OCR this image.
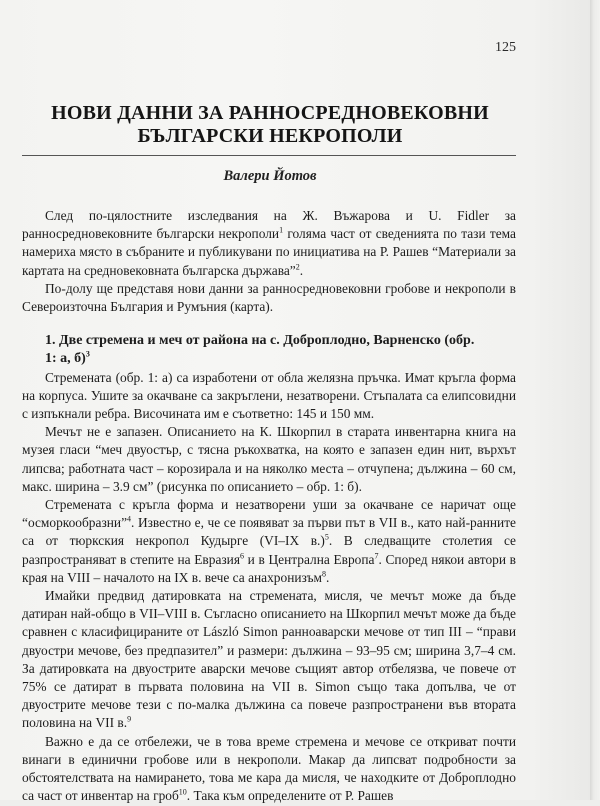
125
НОВИ ДАННИ ЗА РАННОСРЕДНОВЕКОВНИ
БЪЛГАРСКИ НЕКРОПОЛИ
Валери Йотов

След по-цялостните изследвания на Ж. Въжарова и U. Fidler за ранносредновековните български некрополи$^1$ голяма част от сведенията по тази тема намериха място в събраните и публикувани по инициатива на Р. Рашев “Материали за картата на средновековната българска държава”$^2$.

По-долу ще представя нови данни за ранносредновековни гробове и некрополи в Североизточна България и Румъния (карта).

1. Две стремена и меч от района на с. Доброплодно, Варненско (обр. 1: а, б)$^3$

Стремената (обр. 1: а) са изработени от обла желязна пръчка. Имат кръгла форма на корпуса. Ушите за окачване са закръглени, незатворени. Стъпалата са елипсовидни с изпъкнали ребра. Височината им е съответно: 145 и 150 мм.

Мечът не е запазен. Описанието на К. Шкорпил в старата инвентарна книга на музея гласи “меч двуостър, с тясна ръкохватка, на която е запазен един нит, върхът липсва; работната част – корозирала и на няколко места – отчупена; дължина – 60 см, макс. ширина – 3.9 см” (рисунка по описанието – обр. 1: б).

Стремената с кръгла форма и незатворени уши за окачване се наричат още “осморкообразни”$^4$. Известно е, че се появяват за първи път в VII в., като най-ранните са от тюркския некропол Кудырге (VI–IX в.)$^5$. В следващите столетия се разпространяват в степите на Евразия$^6$ и в Централна Европа$^7$. Според някои автори в края на VIII – началото на IX в. вече са анахронизъм$^8$.

Имайки предвид датировката на стремената, мисля, че мечът може да бъде датиран най-общо в VII–VIII в. Съгласно описанието на Шкорпил мечът може да бъде сравнен с класифицираните от László Simon ранноаварски мечове от тип III – “прави двуостри мечове, без предпазител” и размери: дължина – 93–95 см; ширина 3,7–4 см. За датировката на двуострите аварски мечове същият автор отбелязва, че повече от 75% се датират в първата половина на VII в. Simon също така допълва, че от двуострите мечове тези с по-малка дължина са повече разпространени във втората половина на VII в.$^9$

Важно е да се отбележи, че в това време стремена и мечове се откриват почти винаги в единични гробове или в некрополи. Макар да липсват подробности за обстоятелствата на намирането, това ме кара да мисля, че находките от Доброплодно са част от инвентар на гроб$^{10}$. Така към определените от Р. Рашев
